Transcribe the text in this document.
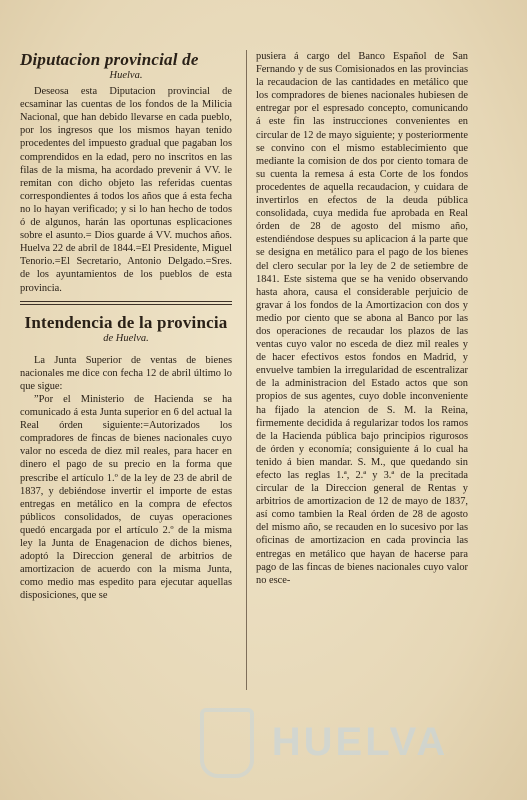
Diputacion provincial de

Huelva.

Deseosa esta Diputacion provincial de ecsaminar las cuentas de los fondos de la Milicia Nacional, que han debido llevarse en cada pueblo, por los ingresos que los mismos hayan tenido procedentes del impuesto gradual que pagaban los comprendidos en la edad, pero no inscritos en las filas de la misma, ha acordado prevenir á VV. le remitan con dicho objeto las referidas cuentas correspondientes á todos los años que á esta fecha no lo hayan verificado; y si lo han hecho de todos ó de algunos, harán las oportunas esplicaciones sobre el asunto.= Dios guarde á VV. muchos años. Huelva 22 de abril de 1844.=El Presidente, Miguel Tenorio.=El Secretario, Antonio Delgado.=Sres. de los ayuntamientos de los pueblos de esta provincia.

Intendencia de la provincia

de Huelva.

La Junta Superior de ventas de bienes nacionales me dice con fecha 12 de abril último lo que sigue:

”Por el Ministerio de Hacienda se ha comunicado á esta Junta superior en 6 del actual la Real órden siguiente:=Autorizados los compradores de fincas de bienes nacionales cuyo valor no esceda de diez mil reales, para hacer en dinero el pago de su precio en la forma que prescribe el artículo 1.º de la ley de 23 de abril de 1837, y debiéndose invertir el importe de estas entregas en metálico en la compra de efectos públicos consolidados, de cuyas operaciones quedó encargada por el artículo 2.º de la misma ley la Junta de Enagenacion de dichos bienes, adoptó la Direccion general de arbitrios de amortizacion de acuerdo con la misma Junta, como medio mas espedito para ejecutar aquellas disposiciones, que se

pusiera á cargo del Banco Español de San Fernando y de sus Comisionados en las provincias la recaudacion de las cantidades en metálico que los compradores de bienes nacionales hubiesen de entregar por el espresado concepto, comunicando á este fin las instrucciones convenientes en circular de 12 de mayo siguiente; y posteriormente se convino con el mismo establecimiento que mediante la comision de dos por ciento tomara de su cuenta la remesa á esta Corte de los fondos procedentes de aquella recaudacion, y cuidara de invertirlos en efectos de la deuda pública consolidada, cuya medida fue aprobada en Real órden de 28 de agosto del mismo año, estendiéndose despues su aplicacion á la parte que se designa en metálico para el pago de los bienes del clero secular por la ley de 2 de setiembre de 1841. Este sistema que se ha venido observando hasta ahora, causa el considerable perjuicio de gravar á los fondos de la Amortizacion con dos y medio por ciento que se abona al Banco por las dos operaciones de recaudar los plazos de las ventas cuyo valor no esceda de diez mil reales y de hacer efectivos estos fondos en Madrid, y envuelve tambien la irregularidad de escentralizar de la administracion del Estado actos que son propios de sus agentes, cuyo doble inconveniente ha fijado la atencion de S. M. la Reina, firmemente decidida á regularizar todos los ramos de la Hacienda pública bajo principios rigurosos de órden y economía; consiguiente á lo cual ha tenido á bien mandar. S. M., que quedando sin efecto las reglas 1.ª, 2.ª y 3.ª de la precitada circular de la Direccion general de Rentas y arbitrios de amortizacion de 12 de mayo de 1837, así como tambien la Real órden de 28 de agosto del mismo año, se recauden en lo sucesivo por las oficinas de amortizacion en cada provincia las entregas en metálico que hayan de hacerse para pago de las fincas de bienes nacionales cuyo valor no esce-

HUELVA
